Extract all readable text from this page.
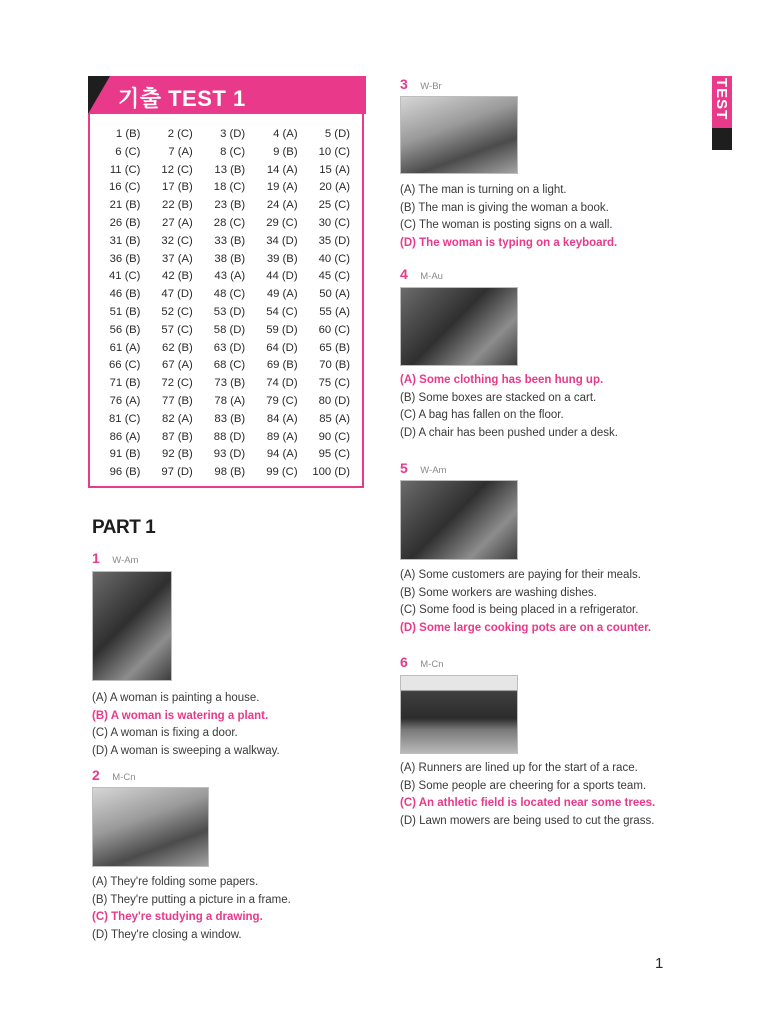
TEST
기출 TEST 1
1 (B)	2 (C)	3 (D)	4 (A)	5 (D)
6 (C)	7 (A)	8 (C)	9 (B)	10 (C)
11 (C)	12 (C)	13 (B)	14 (A)	15 (A)
16 (C)	17 (B)	18 (C)	19 (A)	20 (A)
21 (B)	22 (B)	23 (B)	24 (A)	25 (C)
26 (B)	27 (A)	28 (C)	29 (C)	30 (C)
31 (B)	32 (C)	33 (B)	34 (D)	35 (D)
36 (B)	37 (A)	38 (B)	39 (B)	40 (C)
41 (C)	42 (B)	43 (A)	44 (D)	45 (C)
46 (B)	47 (D)	48 (C)	49 (A)	50 (A)
51 (B)	52 (C)	53 (D)	54 (C)	55 (A)
56 (B)	57 (C)	58 (D)	59 (D)	60 (C)
61 (A)	62 (B)	63 (D)	64 (D)	65 (B)
66 (C)	67 (A)	68 (C)	69 (B)	70 (B)
71 (B)	72 (C)	73 (B)	74 (D)	75 (C)
76 (A)	77 (B)	78 (A)	79 (C)	80 (D)
81 (C)	82 (A)	83 (B)	84 (A)	85 (A)
86 (A)	87 (B)	88 (D)	89 (A)	90 (C)
91 (B)	92 (B)	93 (D)	94 (A)	95 (C)
96 (B)	97 (D)	98 (B)	99 (C)	100 (D)
PART 1
1 W-Am
(A) A woman is painting a house.
(B) A woman is watering a plant.
(C) A woman is fixing a door.
(D) A woman is sweeping a walkway.
2 M-Cn
(A) They're folding some papers.
(B) They're putting a picture in a frame.
(C) They're studying a drawing.
(D) They're closing a window.
3 W-Br
(A) The man is turning on a light.
(B) The man is giving the woman a book.
(C) The woman is posting signs on a wall.
(D) The woman is typing on a keyboard.
4 M-Au
(A) Some clothing has been hung up.
(B) Some boxes are stacked on a cart.
(C) A bag has fallen on the floor.
(D) A chair has been pushed under a desk.
5 W-Am
(A) Some customers are paying for their meals.
(B) Some workers are washing dishes.
(C) Some food is being placed in a refrigerator.
(D) Some large cooking pots are on a counter.
6 M-Cn
(A) Runners are lined up for the start of a race.
(B) Some people are cheering for a sports team.
(C) An athletic field is located near some trees.
(D) Lawn mowers are being used to cut the grass.
1
